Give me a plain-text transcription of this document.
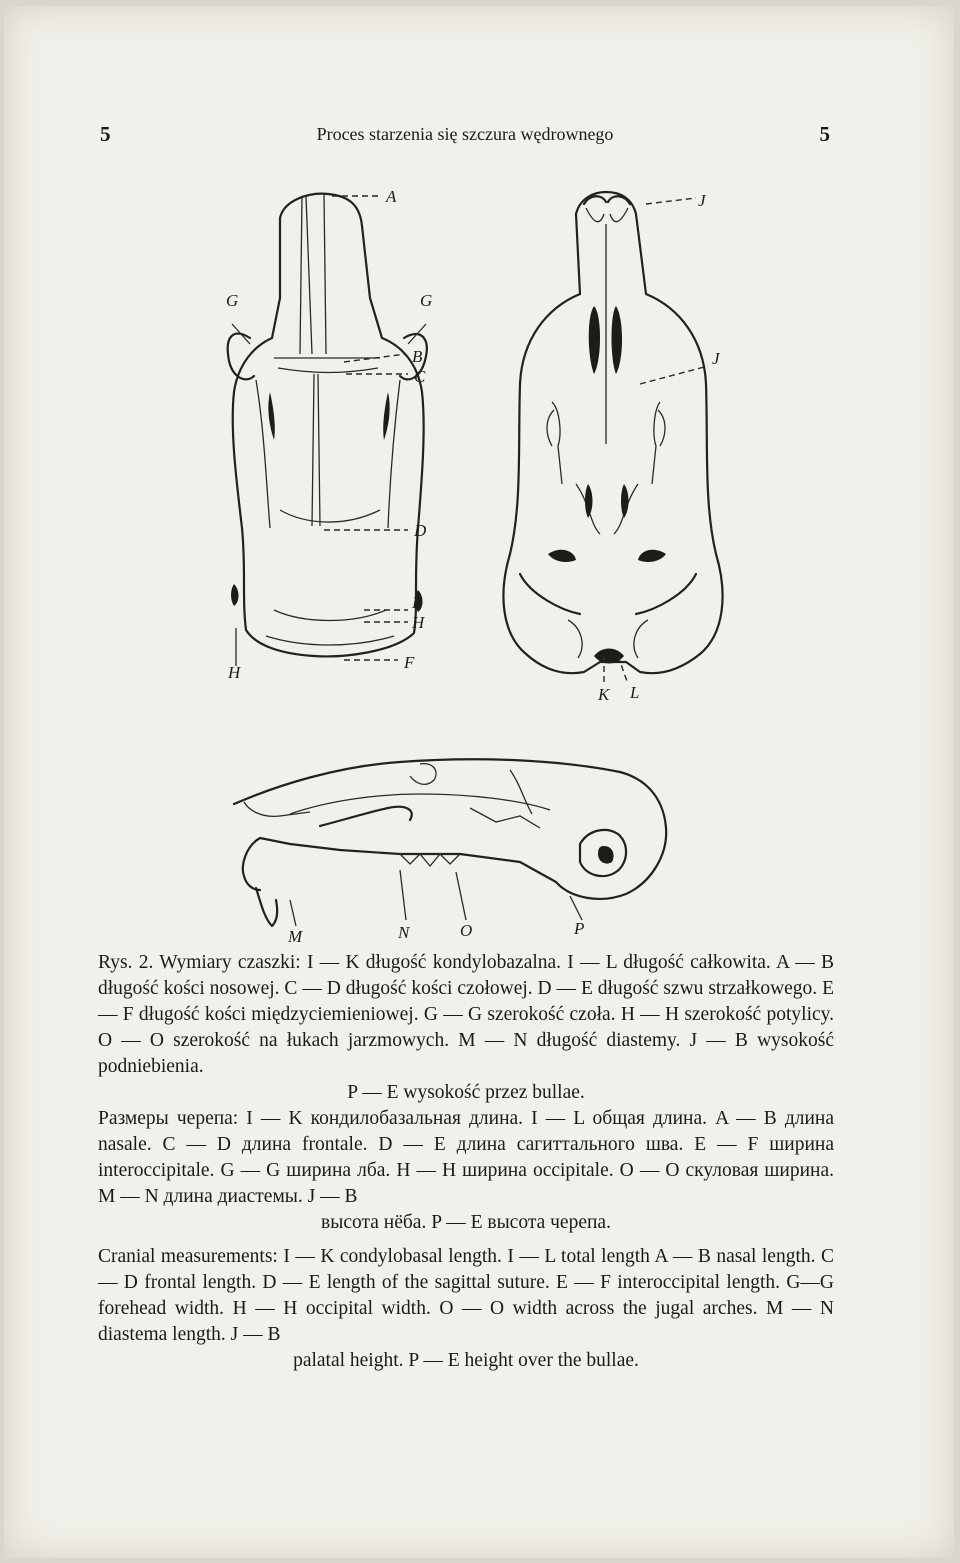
5	Proces starzenia się szczura wędrownego	5
A
G	G
B
C
D
E
H
H
F
J
J
K L
M	N	O	P
Rys. 2. Wymiary czaszki: I — K długość kondylobazalna. I — L długość całkowita. A — B długość kości nosowej. C — D długość kości czołowej. D — E długość szwu strzałkowego. E — F długość kości międzyciemieniowej. G — G szerokość czoła. H — H szerokość potylicy. O — O szerokość na łukach jarzmowych. M — N długość diastemy. J — B wysokość podniebienia.
P — E wysokość przez bullae.
Размеры черепа: I — K кондилобазальная длина. I — L общая длина. A — B длина nasale. C — D длина frontale. D — E длина сагиттального шва. E — F ширина interoccipitale. G — G ширина лба. H — H ширина occipitale. O — O скуловая ширина. M — N длина диастемы. J — B
высота нёба. P — E высота черепа.
Cranial measurements: I — K condylobasal length. I — L total length A — B nasal length. C — D frontal length. D — E length of the sagittal suture. E — F interoccipital length. G—G forehead width. H — H occipital width. O — O width across the jugal arches. M — N diastema length. J — B
palatal height. P — E height over the bullae.
